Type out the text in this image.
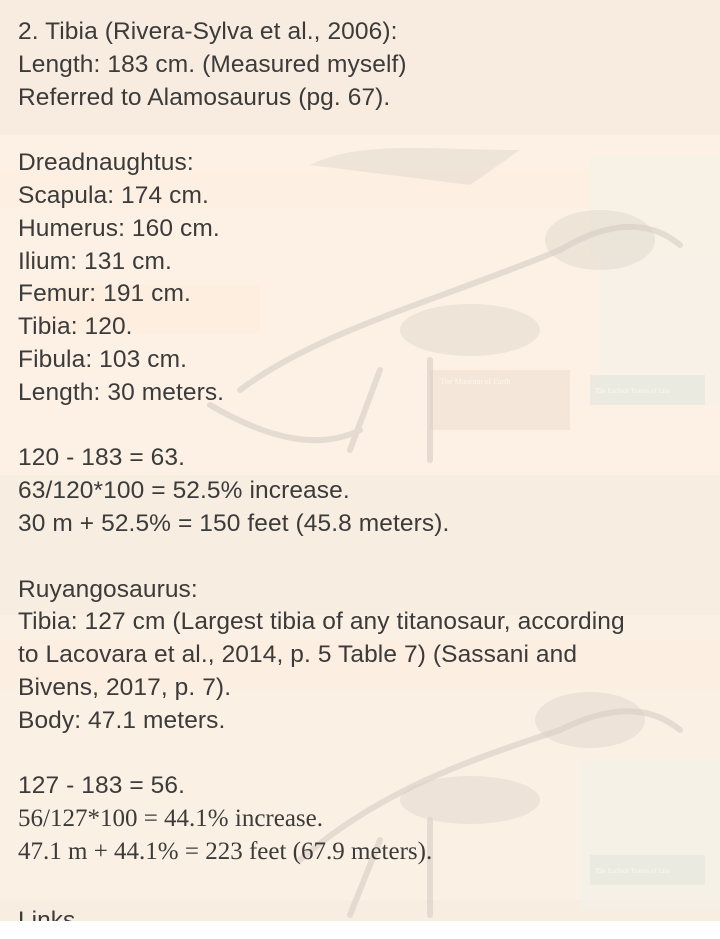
2. Tibia (Rivera-Sylva et al., 2006):
Length: 183 cm. (Measured myself)
Referred to Alamosaurus (pg. 67).
Dreadnaughtus:
Scapula: 174 cm.
Humerus: 160 cm.
Ilium: 131 cm.
Femur: 191 cm.
Tibia: 120.
Fibula: 103 cm.
Length: 30 meters.
120 - 183 = 63.
63/120*100 = 52.5% increase.
30 m + 52.5% = 150 feet (45.8 meters).
Ruyangosaurus:
Tibia: 127 cm (Largest tibia of any titanosaur, according
to Lacovara et al., 2014, p. 5 Table 7) (Sassani and
Bivens, 2017, p. 7).
Body: 47.1 meters.
127 - 183 = 56.
56/127*100 = 44.1% increase.
47.1 m + 44.1% = 223 feet (67.9 meters).
